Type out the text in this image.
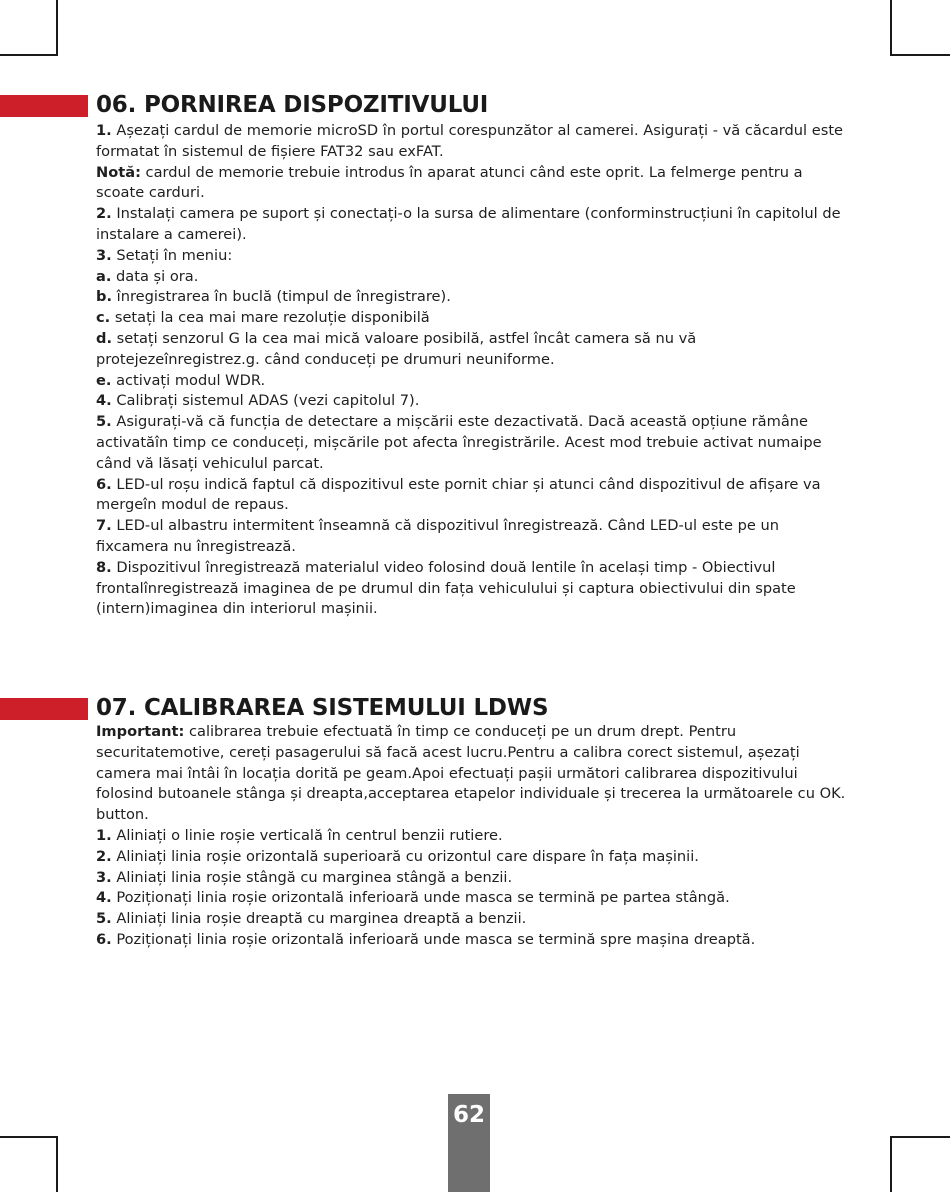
06. PORNIREA DISPOZITIVULUI

1. Așezați cardul de memorie microSD în portul corespunzător al camerei. Asigurați - vă căcardul este formatat în sistemul de fișiere FAT32 sau exFAT.

Notă: cardul de memorie trebuie introdus în aparat atunci când este oprit. La felmerge pentru a scoate carduri.

2. Instalați camera pe suport și conectați-o la sursa de alimentare (conforminstrucțiuni în capitolul de instalare a camerei).

3. Setați în meniu:

a. data și ora.

b. înregistrarea în buclă (timpul de înregistrare).

c. setați la cea mai mare rezoluție disponibilă

d. setați senzorul G la cea mai mică valoare posibilă, astfel încât camera să nu vă protejezeînregistrez.g. când conduceți pe drumuri neuniforme.

e. activați modul WDR.

4. Calibrați sistemul ADAS (vezi capitolul 7).

5. Asigurați-vă că funcția de detectare a mișcării este dezactivată. Dacă această opțiune rămâne activatăîn timp ce conduceți, mișcările pot afecta înregistrările. Acest mod trebuie activat numaipe când vă lăsați vehiculul parcat.

6. LED-ul roșu indică faptul că dispozitivul este pornit chiar și atunci când dispozitivul de afișare va mergeîn modul de repaus.

7. LED-ul albastru intermitent înseamnă că dispozitivul înregistrează. Când LED-ul este pe un fixcamera nu înregistrează.

8. Dispozitivul înregistrează materialul video folosind două lentile în același timp - Obiectivul frontalînregistrează imaginea de pe drumul din fața vehiculului și captura obiectivului din spate (intern)imaginea din interiorul mașinii.

07. CALIBRAREA SISTEMULUI LDWS

Important: calibrarea trebuie efectuată în timp ce conduceți pe un drum drept. Pentru securitatemotive, cereți pasagerului să facă acest lucru.Pentru a calibra corect sistemul, așezați camera mai întâi în locația dorită pe geam.Apoi efectuați pașii următori calibrarea dispozitivului folosind butoanele stânga și dreapta,acceptarea etapelor individuale și trecerea la următoarele cu OK. button.

1. Aliniați o linie roșie verticală în centrul benzii rutiere.

2. Aliniați linia roșie orizontală superioară cu orizontul care dispare în fața mașinii.

3. Aliniați linia roșie stângă cu marginea stângă a benzii.

4. Poziționați linia roșie orizontală inferioară unde masca se termină pe partea stângă.

5. Aliniați linia roșie dreaptă cu marginea dreaptă a benzii.

6. Poziționați linia roșie orizontală inferioară unde masca se termină spre mașina dreaptă.

62
